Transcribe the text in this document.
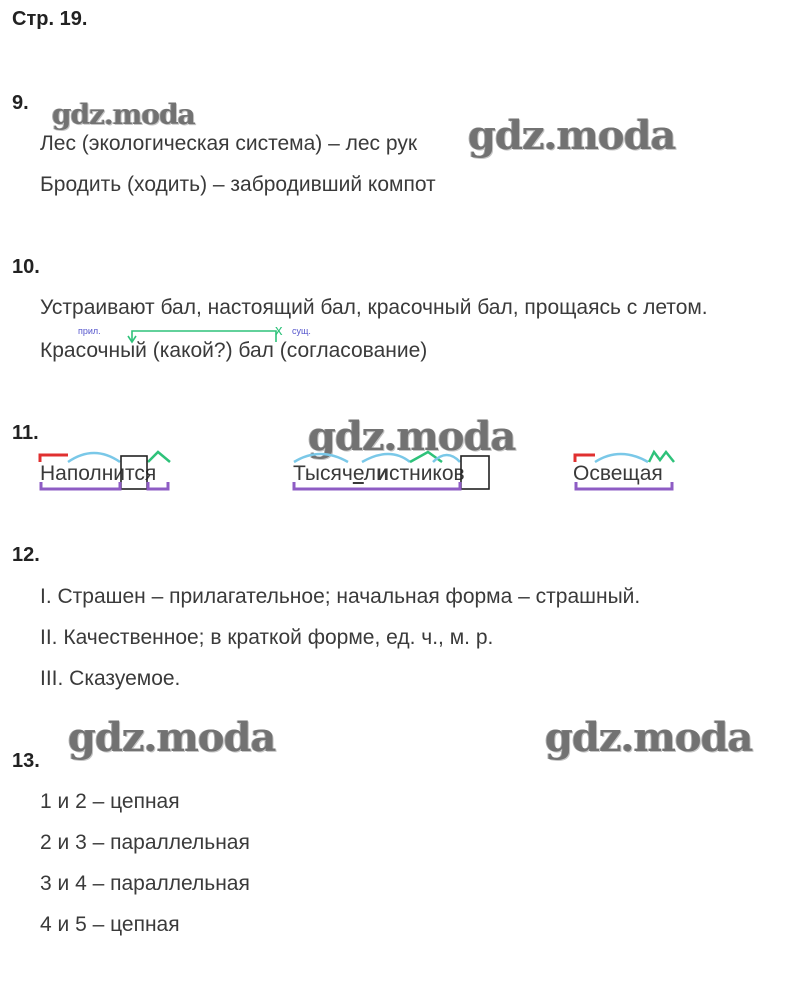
Стр. 19.
gdz.moda	gdz.moda
gdz.moda
gdz.moda	gdz.moda
9.
Лес (экологическая система) – лес рук
Бродить (ходить) – забродивший компот
10.
Устраивают бал, настоящий бал, красочный бал, прощаясь с летом.
Красочный (какой?) бал (согласование)
прил.	сущ.
x
11.
Наполнится	Тысячелистников	Освещая
12.
I. Страшен – прилагательное; начальная форма – страшный.
II. Качественное; в краткой форме, ед. ч., м. р.
III. Сказуемое.
13.
1 и 2 – цепная
2 и 3 – параллельная
3 и 4 – параллельная
4 и 5 – цепная
